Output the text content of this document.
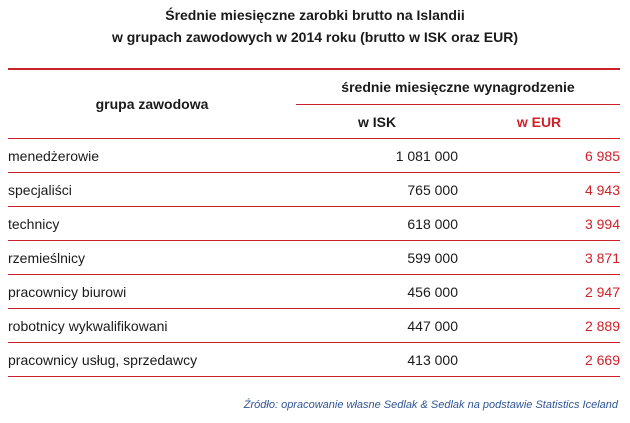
Średnie miesięczne zarobki brutto na Islandii
w grupach zawodowych w 2014 roku (brutto w ISK oraz EUR)
grupa zawodowa	średnie miesięczne wynagrodzenie	
	w ISK	w EUR
menedżerowie	1 081 000	6 985
specjaliści	765 000	4 943
technicy	618 000	3 994
rzemieślnicy	599 000	3 871
pracownicy biurowi	456 000	2 947
robotnicy wykwalifikowani	447 000	2 889
pracownicy usług, sprzedawcy	413 000	2 669
Źródło: opracowanie własne Sedlak & Sedlak na podstawie Statistics Iceland
